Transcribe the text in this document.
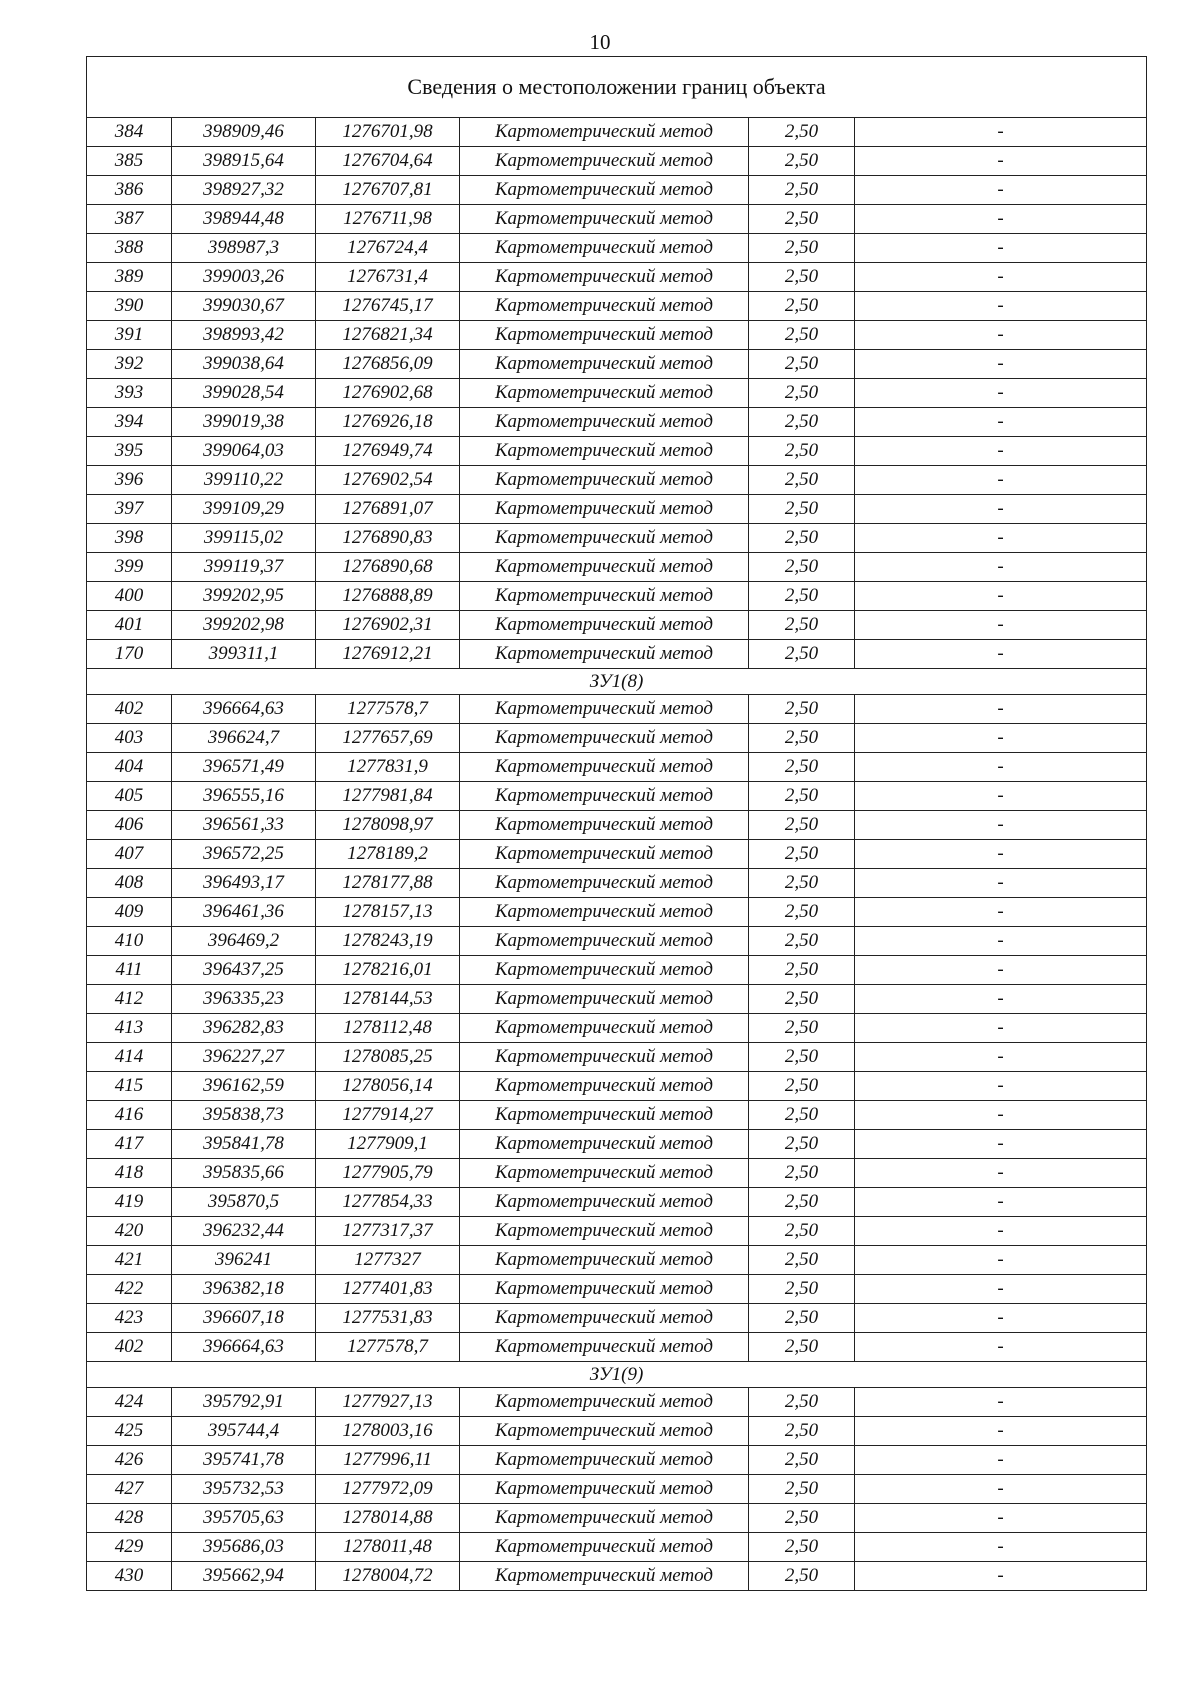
10
Сведения о местоположении границ объекта					
384	398909,46	1276701,98	Картометрический метод	2,50	-
385	398915,64	1276704,64	Картометрический метод	2,50	-
386	398927,32	1276707,81	Картометрический метод	2,50	-
387	398944,48	1276711,98	Картометрический метод	2,50	-
388	398987,3	1276724,4	Картометрический метод	2,50	-
389	399003,26	1276731,4	Картометрический метод	2,50	-
390	399030,67	1276745,17	Картометрический метод	2,50	-
391	398993,42	1276821,34	Картометрический метод	2,50	-
392	399038,64	1276856,09	Картометрический метод	2,50	-
393	399028,54	1276902,68	Картометрический метод	2,50	-
394	399019,38	1276926,18	Картометрический метод	2,50	-
395	399064,03	1276949,74	Картометрический метод	2,50	-
396	399110,22	1276902,54	Картометрический метод	2,50	-
397	399109,29	1276891,07	Картометрический метод	2,50	-
398	399115,02	1276890,83	Картометрический метод	2,50	-
399	399119,37	1276890,68	Картометрический метод	2,50	-
400	399202,95	1276888,89	Картометрический метод	2,50	-
401	399202,98	1276902,31	Картометрический метод	2,50	-
170	399311,1	1276912,21	Картометрический метод	2,50	-
ЗУ1(8)					
402	396664,63	1277578,7	Картометрический метод	2,50	-
403	396624,7	1277657,69	Картометрический метод	2,50	-
404	396571,49	1277831,9	Картометрический метод	2,50	-
405	396555,16	1277981,84	Картометрический метод	2,50	-
406	396561,33	1278098,97	Картометрический метод	2,50	-
407	396572,25	1278189,2	Картометрический метод	2,50	-
408	396493,17	1278177,88	Картометрический метод	2,50	-
409	396461,36	1278157,13	Картометрический метод	2,50	-
410	396469,2	1278243,19	Картометрический метод	2,50	-
411	396437,25	1278216,01	Картометрический метод	2,50	-
412	396335,23	1278144,53	Картометрический метод	2,50	-
413	396282,83	1278112,48	Картометрический метод	2,50	-
414	396227,27	1278085,25	Картометрический метод	2,50	-
415	396162,59	1278056,14	Картометрический метод	2,50	-
416	395838,73	1277914,27	Картометрический метод	2,50	-
417	395841,78	1277909,1	Картометрический метод	2,50	-
418	395835,66	1277905,79	Картометрический метод	2,50	-
419	395870,5	1277854,33	Картометрический метод	2,50	-
420	396232,44	1277317,37	Картометрический метод	2,50	-
421	396241	1277327	Картометрический метод	2,50	-
422	396382,18	1277401,83	Картометрический метод	2,50	-
423	396607,18	1277531,83	Картометрический метод	2,50	-
402	396664,63	1277578,7	Картометрический метод	2,50	-
ЗУ1(9)					
424	395792,91	1277927,13	Картометрический метод	2,50	-
425	395744,4	1278003,16	Картометрический метод	2,50	-
426	395741,78	1277996,11	Картометрический метод	2,50	-
427	395732,53	1277972,09	Картометрический метод	2,50	-
428	395705,63	1278014,88	Картометрический метод	2,50	-
429	395686,03	1278011,48	Картометрический метод	2,50	-
430	395662,94	1278004,72	Картометрический метод	2,50	-
